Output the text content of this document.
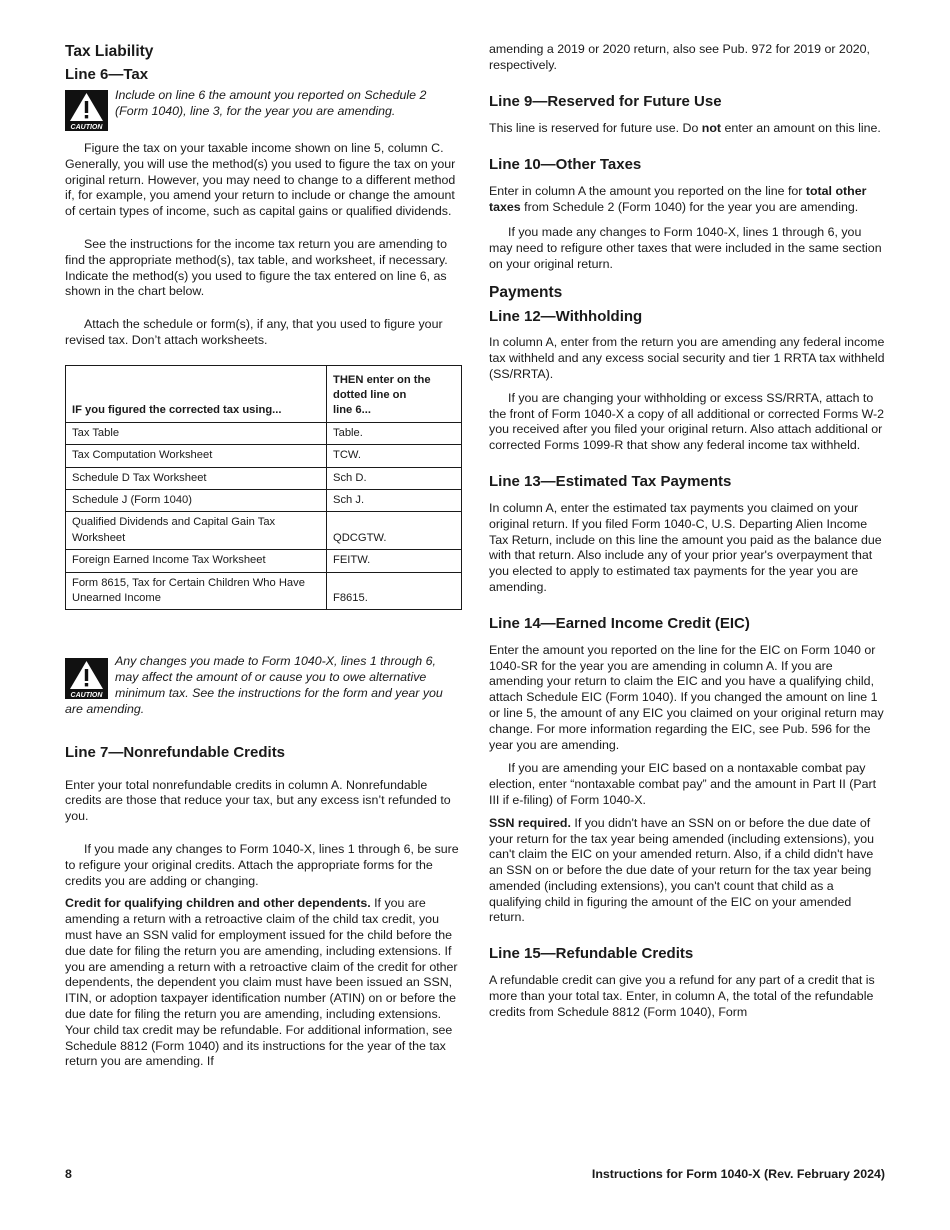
Tax Liability
Line 6—Tax
CAUTION
Include on line 6 the amount you reported on Schedule 2 (Form 1040), line 3, for the year you are amending.

Figure the tax on your taxable income shown on line 5, column C. Generally, you will use the method(s) you used to figure the tax on your original return. However, you may need to change to a different method if, for example, you amend your return to include or change the amount of certain types of income, such as capital gains or qualified dividends.

See the instructions for the income tax return you are amending to find the appropriate method(s), tax table, and worksheet, if necessary. Indicate the method(s) you used to figure the tax entered on line 6, as shown in the chart below.

Attach the schedule or form(s), if any, that you used to figure your revised tax. Don’t attach worksheets.

IF you figured the corrected tax using...	THEN enter on the
dotted line on
line 6...
Tax Table	Table.
Tax Computation Worksheet	TCW.
Schedule D Tax Worksheet	Sch D.
Schedule J (Form 1040)	Sch J.
Qualified Dividends and Capital Gain Tax Worksheet	QDCGTW.
Foreign Earned Income Tax Worksheet	FEITW.
Form 8615, Tax for Certain Children Who Have Unearned Income	F8615.
CAUTION
Any changes you made to Form 1040-X, lines 1 through 6, may affect the amount of or cause you to owe alternative minimum tax. See the instructions for the form and year you are amending.
Line 7—Nonrefundable Credits

Enter your total nonrefundable credits in column A. Nonrefundable credits are those that reduce your tax, but any excess isn’t refunded to you.

If you made any changes to Form 1040-X, lines 1 through 6, be sure to refigure your original credits. Attach the appropriate forms for the credits you are adding or changing.

Credit for qualifying children and other dependents. If you are amending a return with a retroactive claim of the child tax credit, you must have an SSN valid for employment issued for the child before the due date for filing the return you are amending, including extensions. If you are amending a return with a retroactive claim of the credit for other dependents, the dependent you claim must have been issued an SSN, ITIN, or adoption taxpayer identification number (ATIN) on or before the due date for filing the return you are amending, including extensions. Your child tax credit may be refundable. For additional information, see Schedule 8812 (Form 1040) and its instructions for the year of the tax return you are amending. If

amending a 2019 or 2020 return, also see Pub. 972 for 2019 or 2020, respectively.

Line 9—Reserved for Future Use

This line is reserved for future use. Do not enter an amount on this line.

Line 10—Other Taxes

Enter in column A the amount you reported on the line for total other taxes from Schedule 2 (Form 1040) for the year you are amending.

If you made any changes to Form 1040-X, lines 1 through 6, you may need to refigure other taxes that were included in the same section on your original return.

Payments
Line 12—Withholding

In column A, enter from the return you are amending any federal income tax withheld and any excess social security and tier 1 RRTA tax withheld (SS/RRTA).

If you are changing your withholding or excess SS/RRTA, attach to the front of Form 1040-X a copy of all additional or corrected Forms W-2 you received after you filed your original return. Also attach additional or corrected Forms 1099-R that show any federal income tax withheld.

Line 13—Estimated Tax Payments

In column A, enter the estimated tax payments you claimed on your original return. If you filed Form 1040-C, U.S. Departing Alien Income Tax Return, include on this line the amount you paid as the balance due with that return. Also include any of your prior year's overpayment that you elected to apply to estimated tax payments for the year you are amending.

Line 14—Earned Income Credit (EIC)

Enter the amount you reported on the line for the EIC on Form 1040 or 1040-SR for the year you are amending in column A. If you are amending your return to claim the EIC and you have a qualifying child, attach Schedule EIC (Form 1040). If you changed the amount on line 1 or line 5, the amount of any EIC you claimed on your original return may change. For more information regarding the EIC, see Pub. 596 for the year you are amending.

If you are amending your EIC based on a nontaxable combat pay election, enter “nontaxable combat pay” and the amount in Part II (Part III if e-filing) of Form 1040-X.

SSN required. If you didn't have an SSN on or before the due date of your return for the tax year being amended (including extensions), you can't claim the EIC on your amended return. Also, if a child didn't have an SSN on or before the due date of your return for the tax year being amended (including extensions), you can't count that child as a qualifying child in figuring the amount of the EIC on your amended return.

Line 15—Refundable Credits

A refundable credit can give you a refund for any part of a credit that is more than your total tax. Enter, in column A, the total of the refundable credits from Schedule 8812 (Form 1040), Form

8	Instructions for Form 1040-X (Rev. February 2024)
